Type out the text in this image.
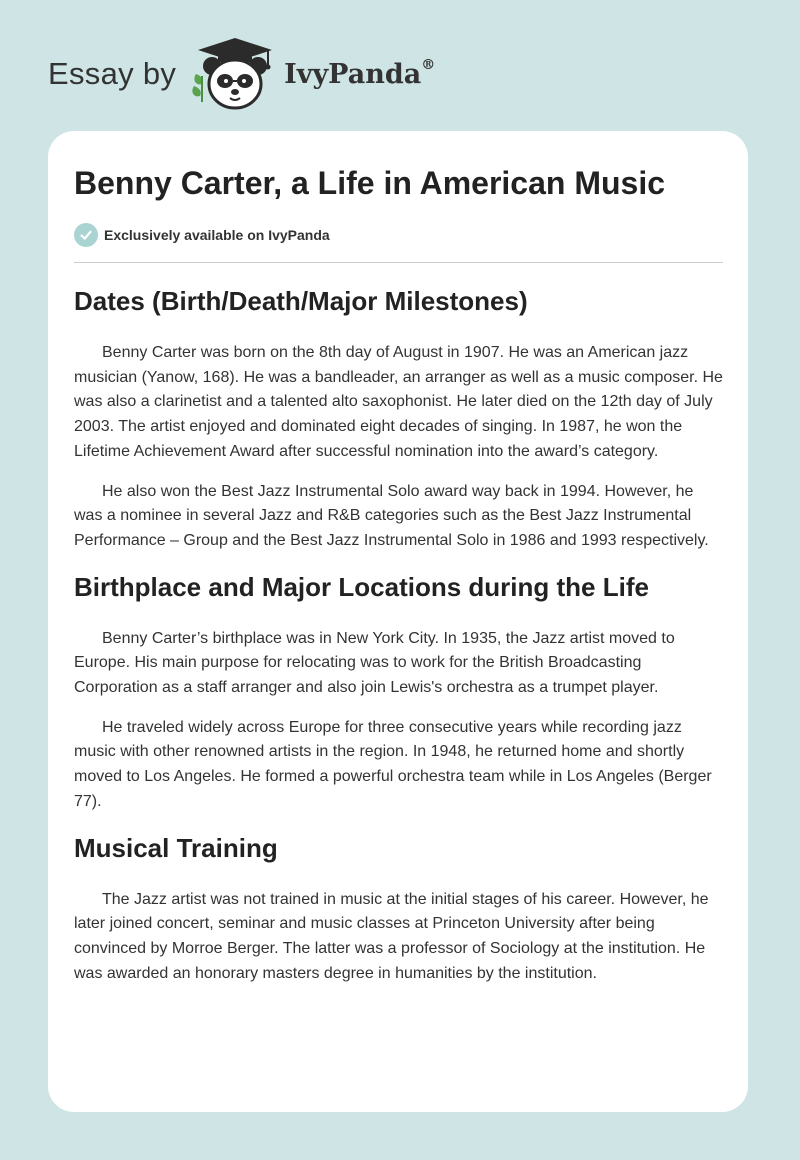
Essay by	IvyPanda®
Benny Carter, a Life in American Music
Exclusively available on IvyPanda
Dates (Birth/Death/Major Milestones)

Benny Carter was born on the 8th day of August in 1907. He was an American jazz musician (Yanow, 168). He was a bandleader, an arranger as well as a music composer. He was also a clarinetist and a talented alto saxophonist. He later died on the 12th day of July 2003. The artist enjoyed and dominated eight decades of singing. In 1987, he won the Lifetime Achievement Award after successful nomination into the award’s category.

He also won the Best Jazz Instrumental Solo award way back in 1994. However, he was a nominee in several Jazz and R&B categories such as the Best Jazz Instrumental Performance – Group and the Best Jazz Instrumental Solo in 1986 and 1993 respectively.

Birthplace and Major Locations during the Life

Benny Carter’s birthplace was in New York City. In 1935, the Jazz artist moved to Europe. His main purpose for relocating was to work for the British Broadcasting Corporation as a staff arranger and also join Lewis's orchestra as a trumpet player.

He traveled widely across Europe for three consecutive years while recording jazz music with other renowned artists in the region. In 1948, he returned home and shortly moved to Los Angeles. He formed a powerful orchestra team while in Los Angeles (Berger 77).

Musical Training

The Jazz artist was not trained in music at the initial stages of his career. However, he later joined concert, seminar and music classes at Princeton University after being convinced by Morroe Berger. The latter was a professor of Sociology at the institution. He was awarded an honorary masters degree in humanities by the institution.
